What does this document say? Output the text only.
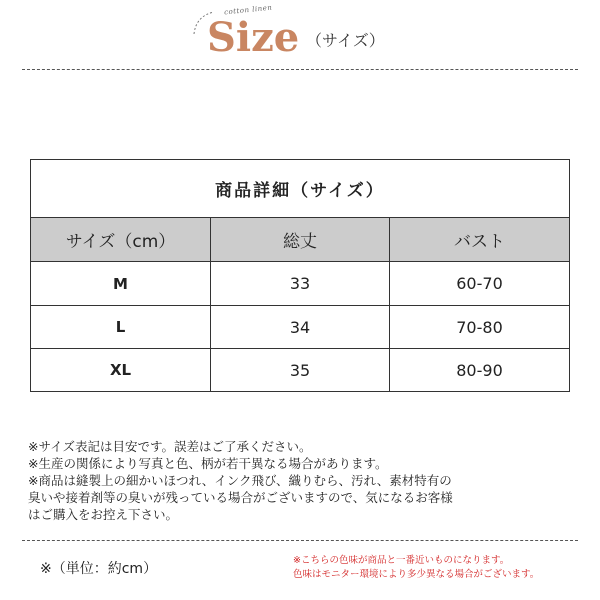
cotton linen
Size （サイズ）
商品詳細（サイズ）
サイズ（cm）	総丈	バスト
M	33	60-70
L	34	70-80
XL	35	80-90
※サイズ表記は目安です。誤差はご了承ください。
※生産の関係により写真と色、柄が若干異なる場合があります。
※商品は縫製上の細かいほつれ、インク飛び、織りむら、汚れ、素材特有の
臭いや接着剤等の臭いが残っている場合がございますので、気になるお客様
はご購入をお控え下さい。
※（単位：約cm）
※こちらの色味が商品と一番近いものになります。
色味はモニター環境により多少異なる場合がございます。
